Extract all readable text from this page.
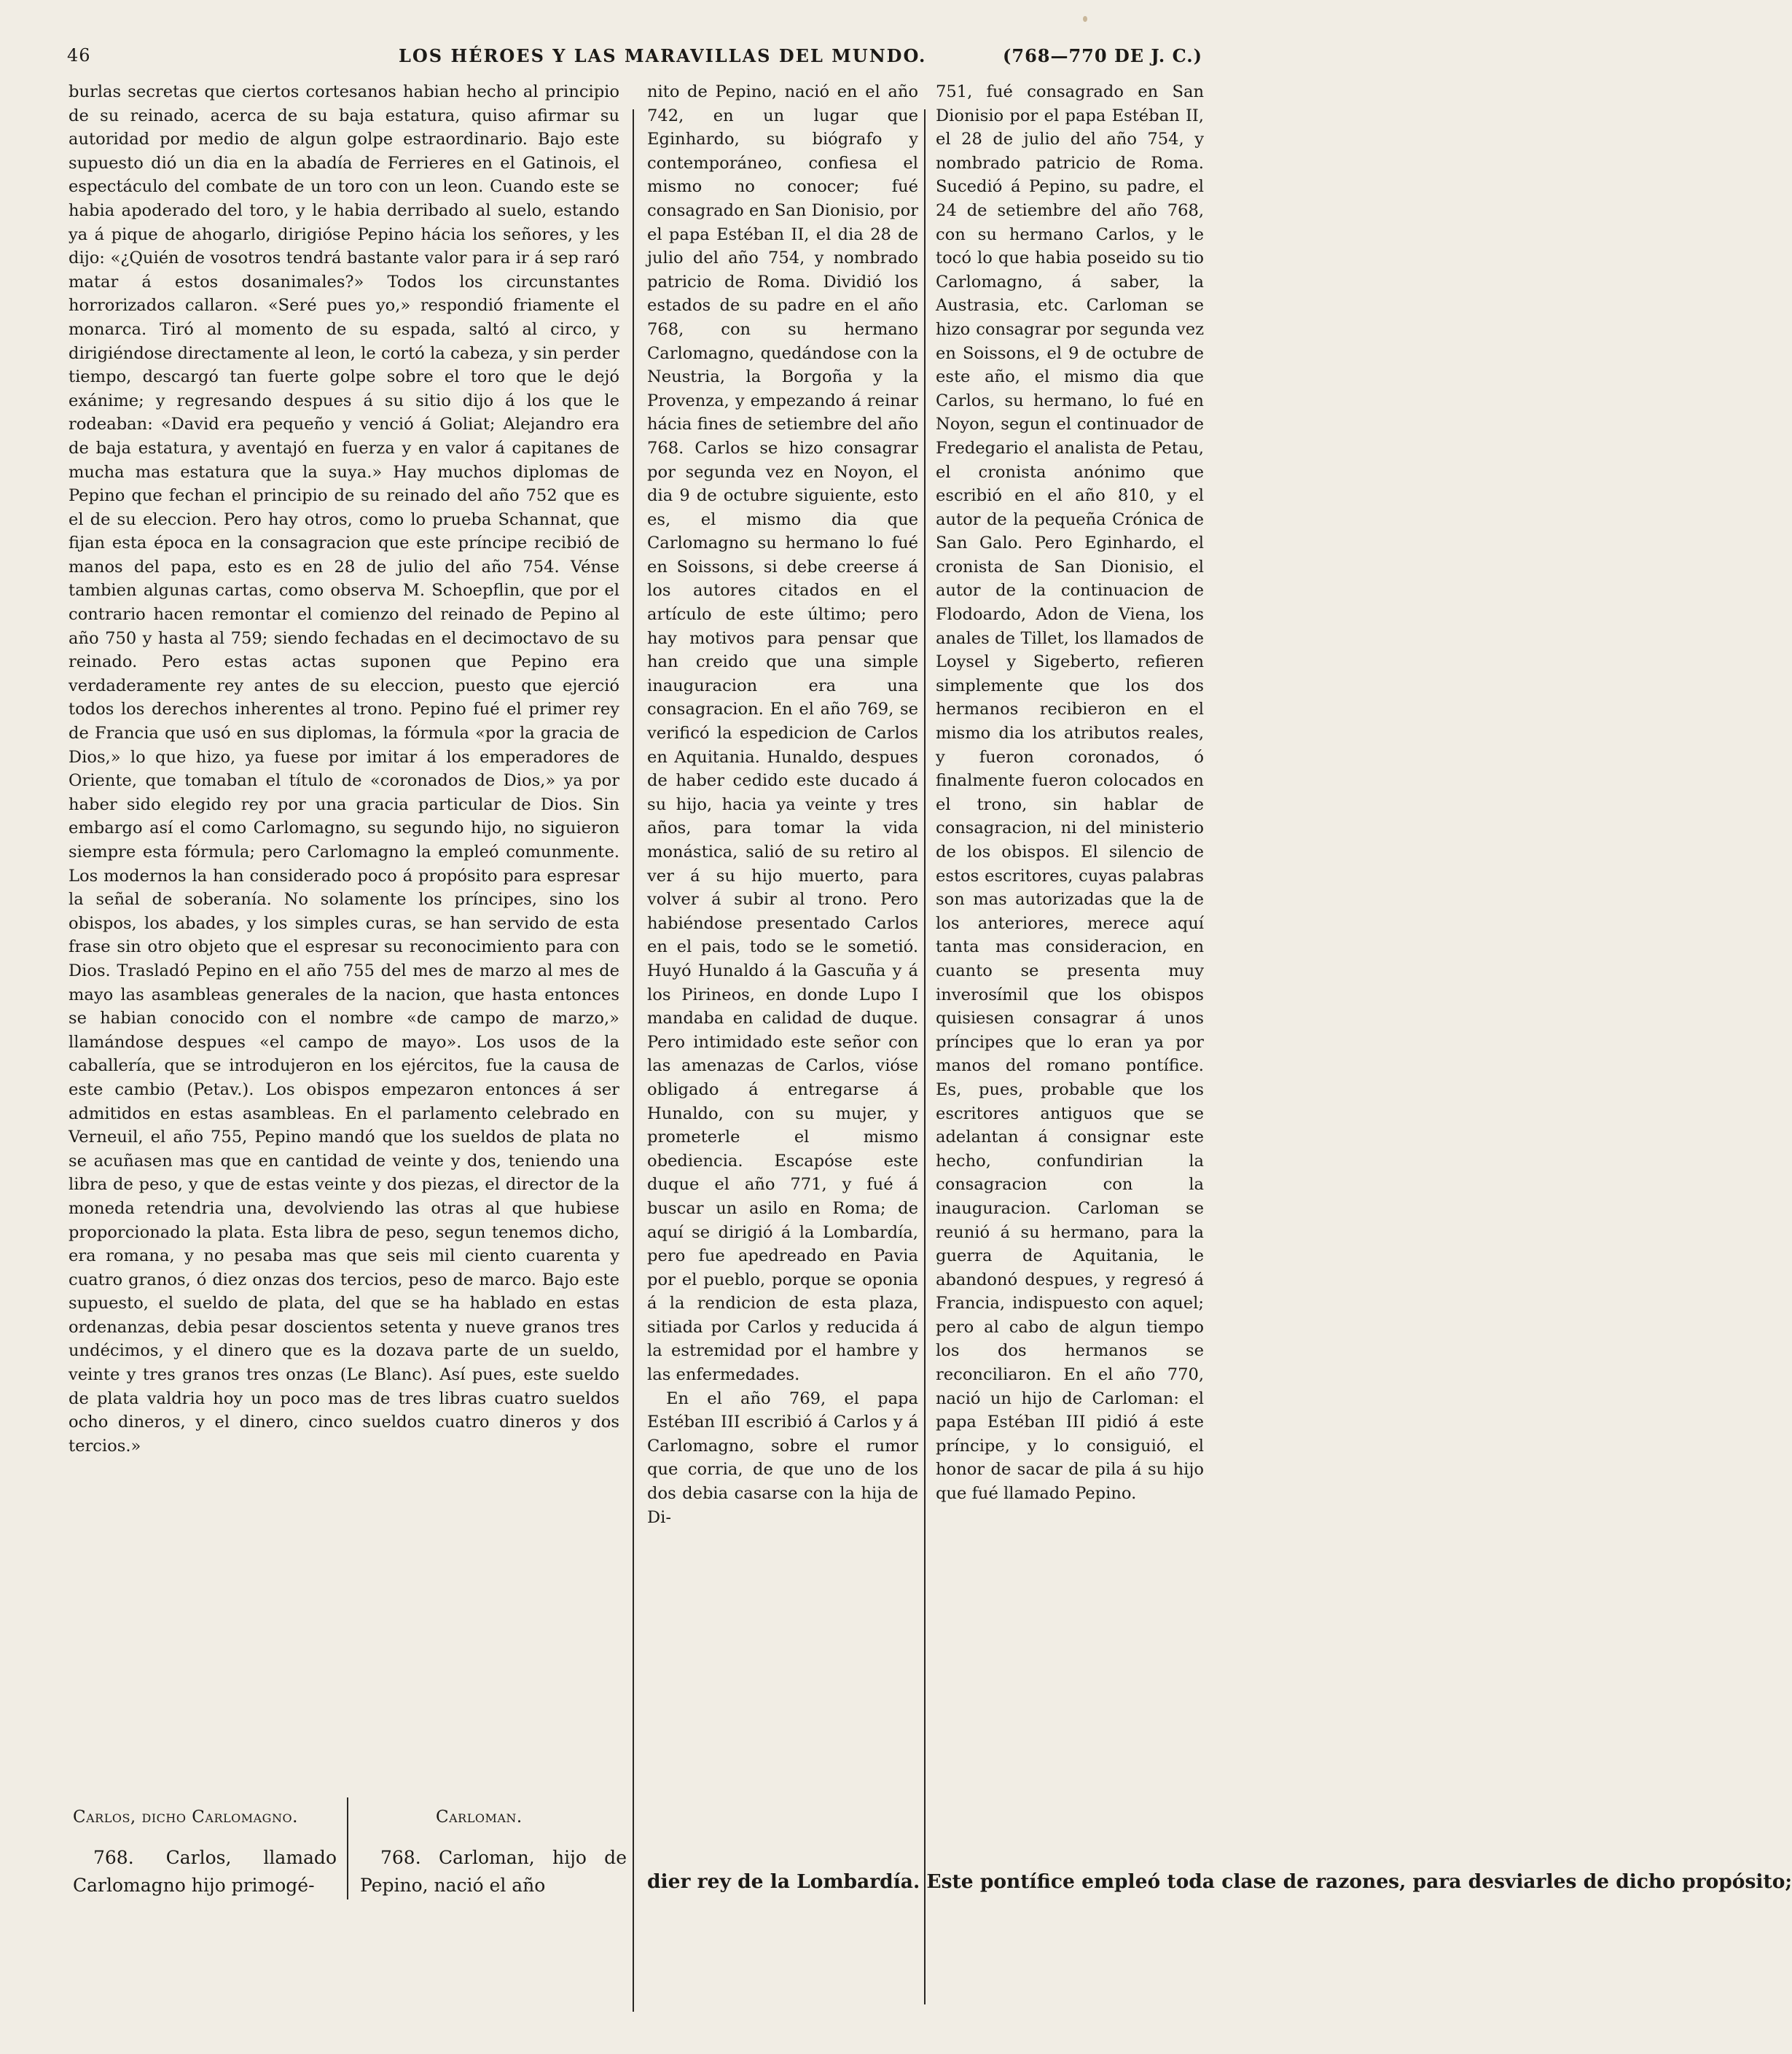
46	LOS HÉROES Y LAS MARAVILLAS DEL MUNDO.	(768—770 DE J. C.)

burlas secretas que ciertos cortesanos habian hecho al principio de su reinado, acerca de su baja estatura, quiso afirmar su autoridad por medio de algun golpe estraordinario. Bajo este supuesto dió un dia en la abadía de Ferrieres en el Gatinois, el espectáculo del combate de un toro con un leon. Cuando este se habia apoderado del toro, y le habia derribado al suelo, estando ya á pique de ahogarlo, dirigióse Pepino hácia los señores, y les dijo: «¿Quién de vosotros tendrá bastante valor para ir á sep raró matar á estos dosanimales?» Todos los circunstantes horrorizados callaron. «Seré pues yo,» respondió friamente el monarca. Tiró al momento de su espada, saltó al circo, y dirigiéndose directamente al leon, le cortó la cabeza, y sin perder tiempo, descargó tan fuerte golpe sobre el toro que le dejó exánime; y regresando despues á su sitio dijo á los que le rodeaban: «David era pequeño y venció á Goliat; Alejandro era de baja estatura, y aventajó en fuerza y en valor á capitanes de mucha mas estatura que la suya.» Hay muchos diplomas de Pepino que fechan el principio de su reinado del año 752 que es el de su eleccion. Pero hay otros, como lo prueba Schannat, que fijan esta época en la consagracion que este príncipe recibió de manos del papa, esto es en 28 de julio del año 754. Vénse tambien algunas cartas, como observa M. Schoepflin, que por el contrario hacen remontar el comienzo del reinado de Pepino al año 750 y hasta al 759; siendo fechadas en el decimoctavo de su reinado. Pero estas actas suponen que Pepino era verdaderamente rey antes de su eleccion, puesto que ejerció todos los derechos inherentes al trono. Pepino fué el primer rey de Francia que usó en sus diplomas, la fórmula «por la gracia de Dios,» lo que hizo, ya fuese por imitar á los emperadores de Oriente, que tomaban el título de «coronados de Dios,» ya por haber sido elegido rey por una gracia particular de Dios. Sin embargo así el como Carlomagno, su segundo hijo, no siguieron siempre esta fórmula; pero Carlomagno la empleó comunmente. Los modernos la han considerado poco á propósito para espresar la señal de soberanía. No solamente los príncipes, sino los obispos, los abades, y los simples curas, se han servido de esta frase sin otro objeto que el espresar su reconocimiento para con Dios. Trasladó Pepino en el año 755 del mes de marzo al mes de mayo las asambleas generales de la nacion, que hasta entonces se habian conocido con el nombre «de campo de marzo,» llamándose despues «el campo de mayo». Los usos de la caballería, que se introdujeron en los ejércitos, fue la causa de este cambio (Petav.). Los obispos empezaron entonces á ser admitidos en estas asambleas. En el parlamento celebrado en Verneuil, el año 755, Pepino mandó que los sueldos de plata no se acuñasen mas que en cantidad de veinte y dos, teniendo una libra de peso, y que de estas veinte y dos piezas, el director de la moneda retendria una, devolviendo las otras al que hubiese proporcionado la plata. Esta libra de peso, segun tenemos dicho, era romana, y no pesaba mas que seis mil ciento cuarenta y cuatro granos, ó diez onzas dos tercios, peso de marco. Bajo este supuesto, el sueldo de plata, del que se ha hablado en estas ordenanzas, debia pesar doscientos setenta y nueve granos tres undécimos, y el dinero que es la dozava parte de un sueldo, veinte y tres granos tres onzas (Le Blanc). Así pues, este sueldo de plata valdria hoy un poco mas de tres libras cuatro sueldos ocho dineros, y el dinero, cinco sueldos cuatro dineros y dos tercios.»

Carlos, dicho Carlomagno.	Carloman.
768. Carlos, llamado Carlomagno hijo primogé-
768. Carloman, hijo de Pepino, nació el año

nito de Pepino, nació en el año 742, en un lugar que Eginhardo, su biógrafo y contemporáneo, confiesa el mismo no conocer; fué consagrado en San Dionisio, por el papa Estéban II, el dia 28 de julio del año 754, y nombrado patricio de Roma. Dividió los estados de su padre en el año 768, con su hermano Carlomagno, quedándose con la Neustria, la Borgoña y la Provenza, y empezando á reinar hácia fines de setiembre del año 768. Carlos se hizo consagrar por segunda vez en Noyon, el dia 9 de octubre siguiente, esto es, el mismo dia que Carlomagno su hermano lo fué en Soissons, si debe creerse á los autores citados en el artículo de este último; pero hay motivos para pensar que han creido que una simple inauguracion era una consagracion. En el año 769, se verificó la espedicion de Carlos en Aquitania. Hunaldo, despues de haber cedido este ducado á su hijo, hacia ya veinte y tres años, para tomar la vida monástica, salió de su retiro al ver á su hijo muerto, para volver á subir al trono. Pero habiéndose presentado Carlos en el pais, todo se le sometió. Huyó Hunaldo á la Gascuña y á los Pirineos, en donde Lupo I mandaba en calidad de duque. Pero intimidado este señor con las amenazas de Carlos, vióse obligado á entregarse á Hunaldo, con su mujer, y prometerle el mismo obediencia. Escapóse este duque el año 771, y fué á buscar un asilo en Roma; de aquí se dirigió á la Lombardía, pero fue apedreado en Pavia por el pueblo, porque se oponia á la rendicion de esta plaza, sitiada por Carlos y reducida á la estremidad por el hambre y las enfermedades.

En el año 769, el papa Estéban III escribió á Carlos y á Carlomagno, sobre el rumor que corria, de que uno de los dos debia casarse con la hija de Di-

751, fué consagrado en San Dionisio por el papa Estéban II, el 28 de julio del año 754, y nombrado patricio de Roma. Sucedió á Pepino, su padre, el 24 de setiembre del año 768, con su hermano Carlos, y le tocó lo que habia poseido su tio Carlomagno, á saber, la Austrasia, etc. Carloman se hizo consagrar por segunda vez en Soissons, el 9 de octubre de este año, el mismo dia que Carlos, su hermano, lo fué en Noyon, segun el continuador de Fredegario el analista de Petau, el cronista anónimo que escribió en el año 810, y el autor de la pequeña Crónica de San Galo. Pero Eginhardo, el cronista de San Dionisio, el autor de la continuacion de Flodoardo, Adon de Viena, los anales de Tillet, los llamados de Loysel y Sigeberto, refieren simplemente que los dos hermanos recibieron en el mismo dia los atributos reales, y fueron coronados, ó finalmente fueron colocados en el trono, sin hablar de consagracion, ni del ministerio de los obispos. El silencio de estos escritores, cuyas palabras son mas autorizadas que la de los anteriores, merece aquí tanta mas consideracion, en cuanto se presenta muy inverosímil que los obispos quisiesen consagrar á unos príncipes que lo eran ya por manos del romano pontífice. Es, pues, probable que los escritores antiguos que se adelantan á consignar este hecho, confundirian la consagracion con la inauguracion. Carloman se reunió á su hermano, para la guerra de Aquitania, le abandonó despues, y regresó á Francia, indispuesto con aquel; pero al cabo de algun tiempo los dos hermanos se reconciliaron. En el año 770, nació un hijo de Carloman: el papa Estéban III pidió á este príncipe, y lo consiguió, el honor de sacar de pila á su hijo que fué llamado Pepino.

dier rey de la Lombardía. Este pontífice empleó toda clase de razones, para desviarles de dicho propósito;
